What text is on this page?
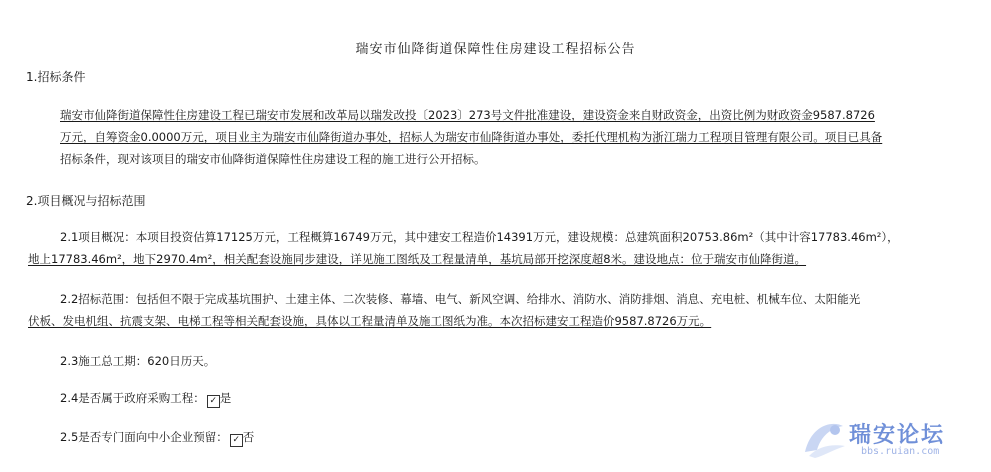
瑞安市仙降街道保障性住房建设工程招标公告
1.招标条件
瑞安市仙降街道保障性住房建设工程已瑞安市发展和改革局以瑞发改投〔2023〕273号文件批准建设，建设资金来自财政资金，出资比例为财政资金9587.8726
万元，自筹资金0.0000万元，项目业主为瑞安市仙降街道办事处，招标人为瑞安市仙降街道办事处，委托代理机构为浙江瑞力工程项目管理有限公司。项目已具备
招标条件，现对该项目的瑞安市仙降街道保障性住房建设工程的施工进行公开招标。
2.项目概况与招标范围
2.1项目概况：本项目投资估算17125万元，工程概算16749万元，其中建安工程造价14391万元，建设规模：总建筑面积20753.86m²（其中计容17783.46m²），
地上17783.46m²，地下2970.4m²，相关配套设施同步建设，详见施工图纸及工程量清单，基坑局部开挖深度超8米。建设地点：位于瑞安市仙降街道。
2.2招标范围：包括但不限于完成基坑围护、土建主体、二次装修、幕墙、电气、新风空调、给排水、消防水、消防排烟、消息、充电桩、机械车位、太阳能光
伏板、发电机组、抗震支架、电梯工程等相关配套设施，具体以工程量清单及施工图纸为准。本次招标建安工程造价9587.8726万元。
2.3施工总工期：620日历天。
2.4是否属于政府采购工程： ✓ 是
2.5是否专门面向中小企业预留： ✓ 否	瑞安论坛
bbs.ruian.com
